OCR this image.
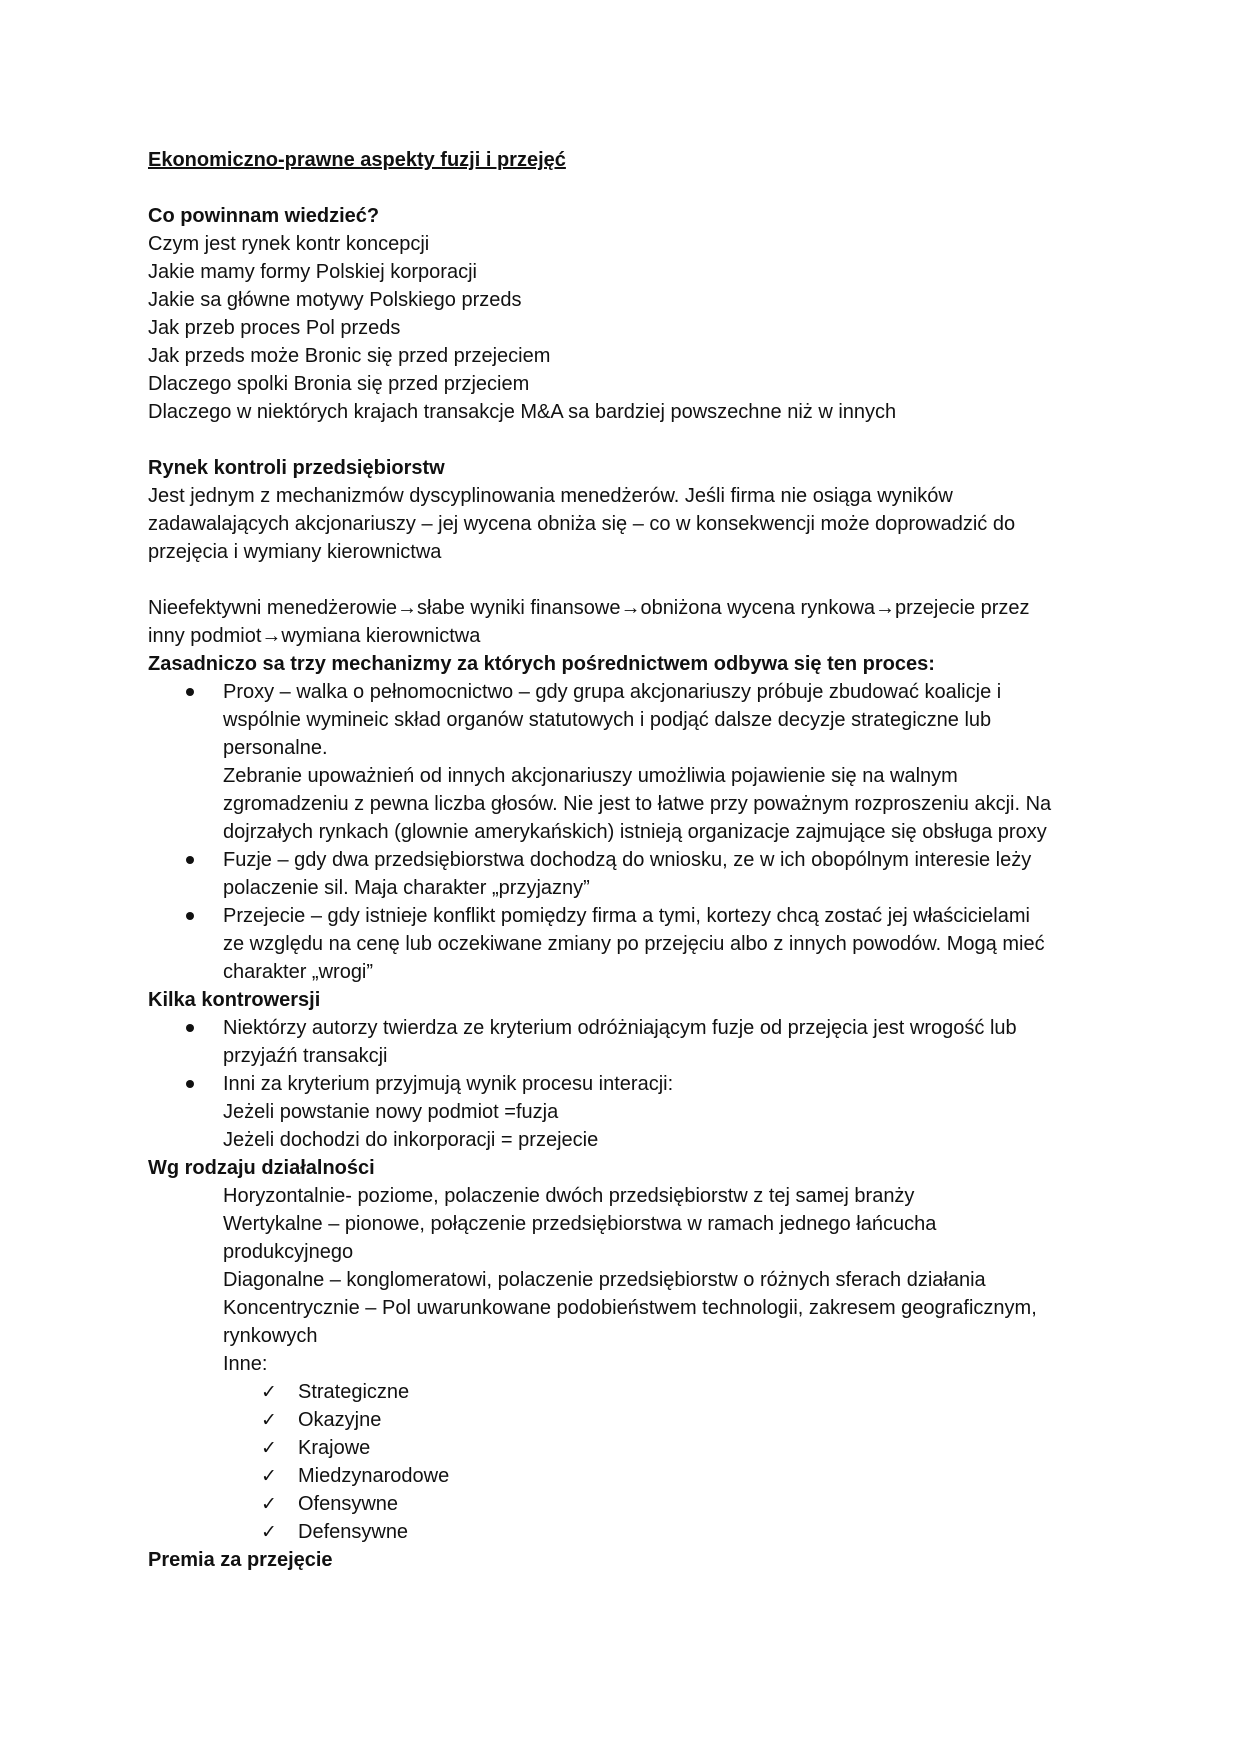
Ekonomiczno-prawne aspekty fuzji i przejęć
Co powinnam wiedzieć?
Czym jest rynek kontr koncepcji
Jakie mamy formy Polskiej korporacji
Jakie sa główne motywy Polskiego przeds
Jak przeb proces Pol przeds
Jak przeds może Bronic się przed przejeciem
Dlaczego spolki Bronia się przed przjeciem
Dlaczego w niektórych krajach transakcje M&A sa bardziej powszechne niż w innych
Rynek kontroli przedsiębiorstw
Jest jednym z mechanizmów dyscyplinowania menedżerów. Jeśli firma nie osiąga wyników
zadawalających akcjonariuszy – jej wycena obniża się – co w konsekwencji może doprowadzić do
przejęcia i wymiany kierownictwa
Nieefektywni menedżerowie→słabe wyniki finansowe→obniżona wycena rynkowa→przejecie przez
inny podmiot→wymiana kierownictwa
Zasadniczo sa trzy mechanizmy za których pośrednictwem odbywa się ten proces:
Proxy – walka o pełnomocnictwo – gdy grupa akcjonariuszy próbuje zbudować koalicje i
wspólnie wymineic skład organów statutowych i podjąć dalsze decyzje strategiczne lub
personalne.
Zebranie upoważnień od innych akcjonariuszy umożliwia pojawienie się na walnym
zgromadzeniu z pewna liczba głosów. Nie jest to łatwe przy poważnym rozproszeniu akcji. Na
dojrzałych rynkach (glownie amerykańskich) istnieją organizacje zajmujące się obsługa proxy
Fuzje – gdy dwa przedsiębiorstwa dochodzą do wniosku, ze w ich obopólnym interesie leży
polaczenie sil. Maja charakter „przyjazny”
Przejecie – gdy istnieje konflikt pomiędzy firma a tymi, kortezy chcą zostać jej właścicielami
ze względu na cenę lub oczekiwane zmiany po przejęciu albo z innych powodów. Mogą mieć
charakter „wrogi”
Kilka kontrowersji
Niektórzy autorzy twierdza ze kryterium odróżniającym fuzje od przejęcia jest wrogość lub
przyjaźń transakcji
Inni za kryterium przyjmują wynik procesu interacji:
Jeżeli powstanie nowy podmiot =fuzja
Jeżeli dochodzi do inkorporacji = przejecie
Wg rodzaju działalności
Horyzontalnie- poziome, polaczenie dwóch przedsiębiorstw z tej samej branży
Wertykalne – pionowe, połączenie przedsiębiorstwa w ramach jednego łańcucha
produkcyjnego
Diagonalne – konglomeratowi, polaczenie przedsiębiorstw o różnych sferach działania
Koncentrycznie – Pol uwarunkowane podobieństwem technologii, zakresem geograficznym,
rynkowych
Inne:
✓ Strategiczne
✓ Okazyjne
✓ Krajowe
✓ Miedzynarodowe
✓ Ofensywne
✓ Defensywne
Premia za przejęcie
